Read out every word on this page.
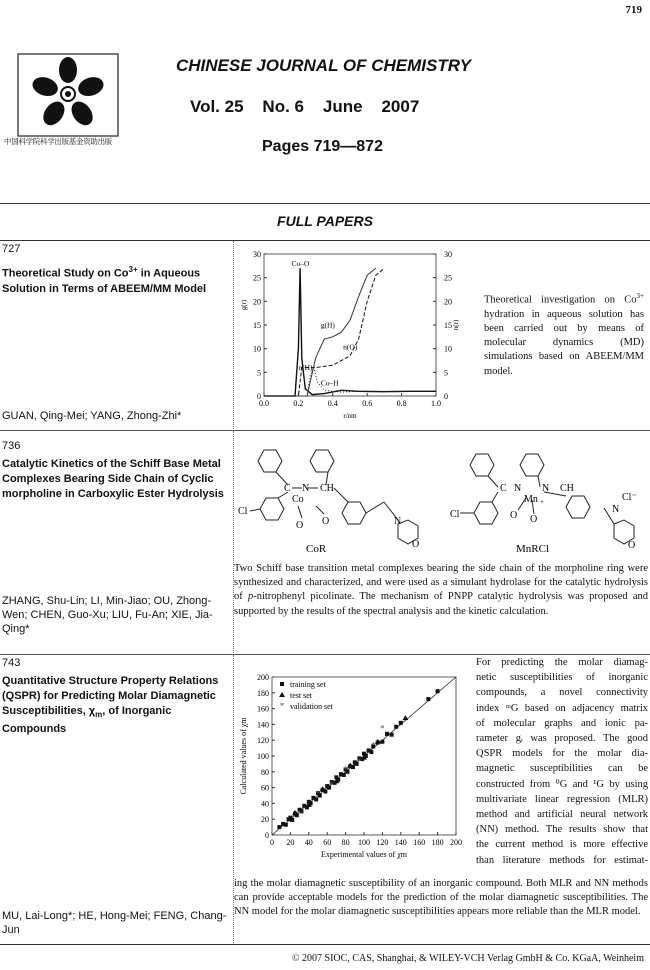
719
中国科学院科学出版基金资助出版
CHINESE JOURNAL OF CHEMISTRY
Vol. 25    No. 6    June    2007
Pages 719—872
FULL PAPERS
727
Theoretical Study on $Co^{3+}$ in Aqueous Solution in Terms of ABEEM/MM Model
0.0	0.2	0.4	0.6	0.8	1.0
0
5
10
15
20
25
30
0
5
10
15
20
25
30
r/nm
g(r)
n(r)
Co–O
g(H)
n(O)
n(H)
Co–H
Theoretical investigation on $Co^{3+}$ hydration in aqueous solution has been carried out by means of molecular dynamics (MD) simulations based on ABEEM/MM model.
GUAN, Qing-Mei; YANG, Zhong-Zhi*
736
Catalytic Kinetics of the Schiff Base Metal Complexes Bearing Side Chain of Cyclic morpholine in Carboxylic Ester Hydrolysis
Cl
C N CH
Co
O O	N
O
CoR
Cl
C N N CH
Mn +
O O
N
Cl⁻
O
MnRCl
Two Schiff base transition metal complexes bearing the side chain of the morpholine ring were synthesized and characterized, and were used as a simulant hydrolase for the catalytic hydrolysis of p-nitrophenyl picolinate. The mechanism of PNPP catalytic hydrolysis was proposed and supported by the results of the spectral analysis and the kinetic calculation.
ZHANG, Shu-Lin; LI, Min-Jiao; OU, Zhong-Wen; CHEN, Guo-Xu; LIU, Fu-An; XIE, Jia-Qing*
743
Quantitative Structure Property Relations (QSPR) for Predicting Molar Diamagnetic Susceptibilities, $\chi_m$, of Inorganic Compounds
0 20 40 60 80 100 120 140 160 180 200
0
20
40
60
80
100
120
140
160
180
200
Experimental values of χm
Calculated values of χm
*
*
*
*
*
*
*
training set
test set
* validation set
For predicting the molar diamag-
netic susceptibilities of inorganic
compounds, a novel connectivity
index ᵐG based on adjacency matrix
of molecular graphs and ionic pa-
rameter gᵢ was proposed. The good
QSPR models for the molar dia-
magnetic susceptibilities can be
constructed from ⁰G and ¹G by using
multivariate linear regression (MLR)
method and artificial neural network
(NN) method. The results show that
the current method is more effective
than literature methods for estimat-
ing the molar diamagnetic susceptibility of an inorganic compound. Both MLR and NN methods can provide acceptable models for the prediction of the molar diamagnetic susceptibilities. The NN model for the molar diamagnetic susceptibilities appears more reliable than the MLR model.
MU, Lai-Long*; HE, Hong-Mei; FENG, Chang-Jun
© 2007 SIOC, CAS, Shanghai, & WILEY-VCH Verlag GmbH & Co. KGaA, Weinheim
